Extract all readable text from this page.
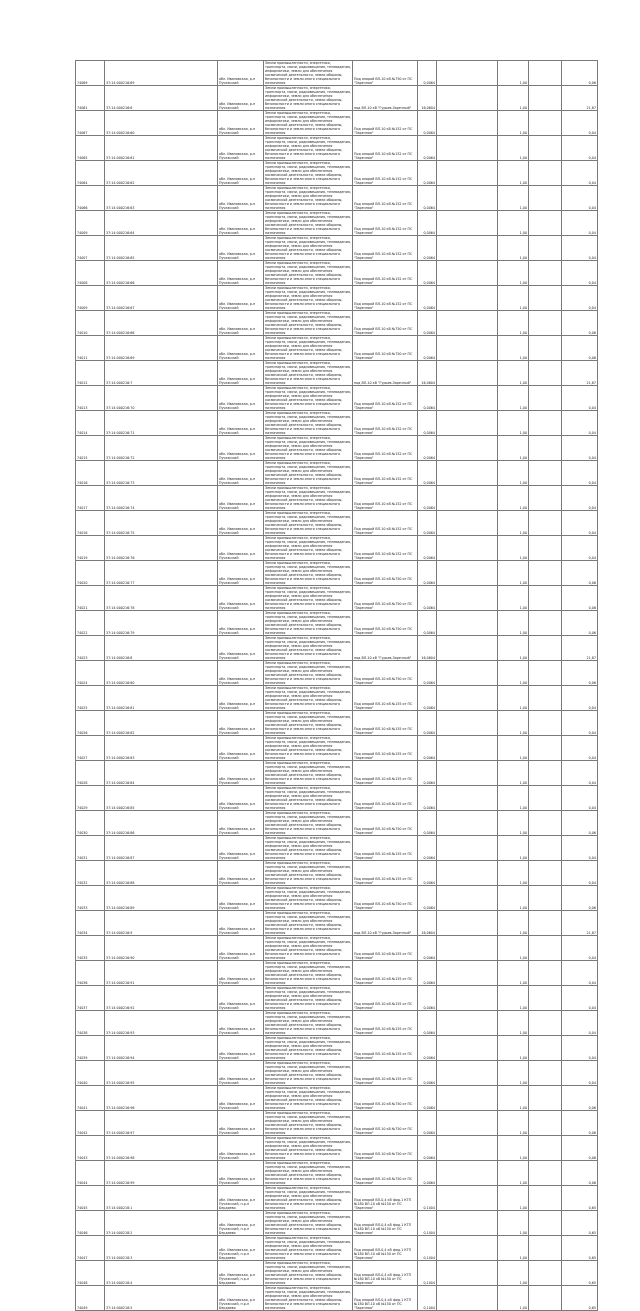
74069	37:14:000216:69	обл. Ивановская, р-н Пучежский	Земли промышленности, энергетики, транспорта, связи, радиовещания, телевидения, информатики, земли для обеспечения космической деятельности, земли обороны, безопасности и земли иного специального назначения	Под опорой ВЛ-10 кВ №750 от ПС "Заречная"	0,0064		1,00		0,06
74061	37:14:000216:6	обл. Ивановская, р-н Пучежский	Земли промышленности, энергетики, транспорта, связи, радиовещания, телевидения, информатики, земли для обеспечения космической деятельности, земли обороны, безопасности и земли иного специального назначения	под ВЛ-10 кВ "Гурьев-Заречный"	16,0604		1,00		21,87
74067	37:14:000216:60	обл. Ивановская, р-н Пучежский	Земли промышленности, энергетики, транспорта, связи, радиовещания, телевидения, информатики, земли для обеспечения космической деятельности, земли обороны, безопасности и земли иного специального назначения	Под опорой ВЛ-10 кВ №152 от ПС "Заречная"	0,0064		1,00		0,04
74065	37:14:000216:61	обл. Ивановская, р-н Пучежский	Земли промышленности, энергетики, транспорта, связи, радиовещания, телевидения, информатики, земли для обеспечения космической деятельности, земли обороны, безопасности и земли иного специального назначения	Под опорой ВЛ-10 кВ №152 от ПС "Заречная"	0,0064		1,00		0,04
74064	37:14:000216:62	обл. Ивановская, р-н Пучежский	Земли промышленности, энергетики, транспорта, связи, радиовещания, телевидения, информатики, земли для обеспечения космической деятельности, земли обороны, безопасности и земли иного специального назначения	Под опорой ВЛ-10 кВ №152 от ПС "Заречная"	0,0064		1,00		0,04
74066	37:14:000216:63	обл. Ивановская, р-н Пучежский	Земли промышленности, энергетики, транспорта, связи, радиовещания, телевидения, информатики, земли для обеспечения космической деятельности, земли обороны, безопасности и земли иного специального назначения	Под опорой ВЛ-10 кВ №152 от ПС "Заречная"	0,0064		1,00		0,04
74009	37:14:000216:64	обл. Ивановская, р-н Пучежский	Земли промышленности, энергетики, транспорта, связи, радиовещания, телевидения, информатики, земли для обеспечения космической деятельности, земли обороны, безопасности и земли иного специального назначения	Под опорой ВЛ-10 кВ №152 от ПС "Заречная"	0,0064		1,00		0,04
74007	37:14:000216:65	обл. Ивановская, р-н Пучежский	Земли промышленности, энергетики, транспорта, связи, радиовещания, телевидения, информатики, земли для обеспечения космической деятельности, земли обороны, безопасности и земли иного специального назначения	Под опорой ВЛ-10 кВ №152 от ПС "Заречная"	0,0064		1,00		0,04
74008	37:14:000216:66	обл. Ивановская, р-н Пучежский	Земли промышленности, энергетики, транспорта, связи, радиовещания, телевидения, информатики, земли для обеспечения космической деятельности, земли обороны, безопасности и земли иного специального назначения	Под опорой ВЛ-10 кВ №152 от ПС "Заречная"	0,0064		1,00		0,04
74009	37:14:000216:67	обл. Ивановская, р-н Пучежский	Земли промышленности, энергетики, транспорта, связи, радиовещания, телевидения, информатики, земли для обеспечения космической деятельности, земли обороны, безопасности и земли иного специального назначения	Под опорой ВЛ-10 кВ №152 от ПС "Заречная"	0,0064		1,00		0,04
74010	37:14:000216:68	обл. Ивановская, р-н Пучежский	Земли промышленности, энергетики, транспорта, связи, радиовещания, телевидения, информатики, земли для обеспечения космической деятельности, земли обороны, безопасности и земли иного специального назначения	Под опорой ВЛ-10 кВ №750 от ПС "Заречная"	0,0064		1,00		0,06
74011	37:14:000216:69	обл. Ивановская, р-н Пучежский	Земли промышленности, энергетики, транспорта, связи, радиовещания, телевидения, информатики, земли для обеспечения космической деятельности, земли обороны, безопасности и земли иного специального назначения	Под опорой ВЛ-10 кВ №750 от ПС "Заречная"	0,0064		1,00		0,06
74012	37:14:000216:7	обл. Ивановская, р-н Пучежский	Земли промышленности, энергетики, транспорта, связи, радиовещания, телевидения, информатики, земли для обеспечения космической деятельности, земли обороны, безопасности и земли иного специального назначения	под ВЛ-10 кВ "Гурьев-Заречный"	16,0604		1,00		21,87
74013	37:14:000216:70	обл. Ивановская, р-н Пучежский	Земли промышленности, энергетики, транспорта, связи, радиовещания, телевидения, информатики, земли для обеспечения космической деятельности, земли обороны, безопасности и земли иного специального назначения	Под опорой ВЛ-10 кВ №152 от ПС "Заречная"	0,0064		1,00		0,04
74014	37:14:000216:71	обл. Ивановская, р-н Пучежский	Земли промышленности, энергетики, транспорта, связи, радиовещания, телевидения, информатики, земли для обеспечения космической деятельности, земли обороны, безопасности и земли иного специального назначения	Под опорой ВЛ-10 кВ №152 от ПС "Заречная"	0,0064		1,00		0,04
74015	37:14:000216:72	обл. Ивановская, р-н Пучежский	Земли промышленности, энергетики, транспорта, связи, радиовещания, телевидения, информатики, земли для обеспечения космической деятельности, земли обороны, безопасности и земли иного специального назначения	Под опорой ВЛ-10 кВ №152 от ПС "Заречная"	0,0064		1,00		0,04
74016	37:14:000216:73	обл. Ивановская, р-н Пучежский	Земли промышленности, энергетики, транспорта, связи, радиовещания, телевидения, информатики, земли для обеспечения космической деятельности, земли обороны, безопасности и земли иного специального назначения	Под опорой ВЛ-10 кВ №152 от ПС "Заречная"	0,0064		1,00		0,04
74017	37:14:000216:74	обл. Ивановская, р-н Пучежский	Земли промышленности, энергетики, транспорта, связи, радиовещания, телевидения, информатики, земли для обеспечения космической деятельности, земли обороны, безопасности и земли иного специального назначения	Под опорой ВЛ-10 кВ №152 от ПС "Заречная"	0,0064		1,00		0,04
74018	37:14:000216:75	обл. Ивановская, р-н Пучежский	Земли промышленности, энергетики, транспорта, связи, радиовещания, телевидения, информатики, земли для обеспечения космической деятельности, земли обороны, безопасности и земли иного специального назначения	Под опорой ВЛ-10 кВ №152 от ПС "Заречная"	0,0064		1,00		0,04
74019	37:14:000216:76	обл. Ивановская, р-н Пучежский	Земли промышленности, энергетики, транспорта, связи, радиовещания, телевидения, информатики, земли для обеспечения космической деятельности, земли обороны, безопасности и земли иного специального назначения	Под опорой ВЛ-10 кВ №152 от ПС "Заречная"	0,0064		1,00		0,04
74020	37:14:000216:77	обл. Ивановская, р-н Пучежский	Земли промышленности, энергетики, транспорта, связи, радиовещания, телевидения, информатики, земли для обеспечения космической деятельности, земли обороны, безопасности и земли иного специального назначения	Под опорой ВЛ-10 кВ №750 от ПС "Заречная"	0,0064		1,00		0,06
74021	37:14:000216:78	обл. Ивановская, р-н Пучежский	Земли промышленности, энергетики, транспорта, связи, радиовещания, телевидения, информатики, земли для обеспечения космической деятельности, земли обороны, безопасности и земли иного специального назначения	Под опорой ВЛ-10 кВ №750 от ПС "Заречная"	0,0064		1,00		0,06
74022	37:14:000216:79	обл. Ивановская, р-н Пучежский	Земли промышленности, энергетики, транспорта, связи, радиовещания, телевидения, информатики, земли для обеспечения космической деятельности, земли обороны, безопасности и земли иного специального назначения	Под опорой ВЛ-10 кВ №750 от ПС "Заречная"	0,0064		1,00		0,06
74023	37:14:000216:8	обл. Ивановская, р-н Пучежский	Земли промышленности, энергетики, транспорта, связи, радиовещания, телевидения, информатики, земли для обеспечения космической деятельности, земли обороны, безопасности и земли иного специального назначения	под ВЛ-10 кВ "Гурьев-Заречный"	16,0604		1,00		21,87
74024	37:14:000216:80	обл. Ивановская, р-н Пучежский	Земли промышленности, энергетики, транспорта, связи, радиовещания, телевидения, информатики, земли для обеспечения космической деятельности, земли обороны, безопасности и земли иного специального назначения	Под опорой ВЛ-10 кВ №750 от ПС "Заречная"	0,0064		1,00		0,06
74025	37:14:000216:81	обл. Ивановская, р-н Пучежский	Земли промышленности, энергетики, транспорта, связи, радиовещания, телевидения, информатики, земли для обеспечения космической деятельности, земли обороны, безопасности и земли иного специального назначения	Под опорой ВЛ-10 кВ №155 от ПС "Заречная"	0,0064		1,00		0,04
74026	37:14:000216:82	обл. Ивановская, р-н Пучежский	Земли промышленности, энергетики, транспорта, связи, радиовещания, телевидения, информатики, земли для обеспечения космической деятельности, земли обороны, безопасности и земли иного специального назначения	Под опорой ВЛ-10 кВ №155 от ПС "Заречная"	0,0064		1,00		0,04
74027	37:14:000216:83	обл. Ивановская, р-н Пучежский	Земли промышленности, энергетики, транспорта, связи, радиовещания, телевидения, информатики, земли для обеспечения космической деятельности, земли обороны, безопасности и земли иного специального назначения	Под опорой ВЛ-10 кВ №155 от ПС "Заречная"	0,0064		1,00		0,04
74028	37:14:000216:84	обл. Ивановская, р-н Пучежский	Земли промышленности, энергетики, транспорта, связи, радиовещания, телевидения, информатики, земли для обеспечения космической деятельности, земли обороны, безопасности и земли иного специального назначения	Под опорой ВЛ-10 кВ №155 от ПС "Заречная"	0,0064		1,00		0,04
74029	37:14:000216:85	обл. Ивановская, р-н Пучежский	Земли промышленности, энергетики, транспорта, связи, радиовещания, телевидения, информатики, земли для обеспечения космической деятельности, земли обороны, безопасности и земли иного специального назначения	Под опорой ВЛ-10 кВ №155 от ПС "Заречная"	0,0064		1,00		0,04
74030	37:14:000216:86	обл. Ивановская, р-н Пучежский	Земли промышленности, энергетики, транспорта, связи, радиовещания, телевидения, информатики, земли для обеспечения космической деятельности, земли обороны, безопасности и земли иного специального назначения	Под опорой ВЛ-10 кВ №750 от ПС "Заречная"	0,0064		1,00		0,06
74031	37:14:000216:87	обл. Ивановская, р-н Пучежский	Земли промышленности, энергетики, транспорта, связи, радиовещания, телевидения, информатики, земли для обеспечения космической деятельности, земли обороны, безопасности и земли иного специального назначения	Под опорой ВЛ-10 кВ №155 от ПС "Заречная"	0,0064		1,00		0,04
74032	37:14:000216:88	обл. Ивановская, р-н Пучежский	Земли промышленности, энергетики, транспорта, связи, радиовещания, телевидения, информатики, земли для обеспечения космической деятельности, земли обороны, безопасности и земли иного специального назначения	Под опорой ВЛ-10 кВ №155 от ПС "Заречная"	0,0064		1,00		0,04
74033	37:14:000216:89	обл. Ивановская, р-н Пучежский	Земли промышленности, энергетики, транспорта, связи, радиовещания, телевидения, информатики, земли для обеспечения космической деятельности, земли обороны, безопасности и земли иного специального назначения	Под опорой ВЛ-10 кВ №750 от ПС "Заречная"	0,0064		1,00		0,06
74034	37:14:000216:9	обл. Ивановская, р-н Пучежский	Земли промышленности, энергетики, транспорта, связи, радиовещания, телевидения, информатики, земли для обеспечения космической деятельности, земли обороны, безопасности и земли иного специального назначения	под ВЛ-10 кВ "Гурьев-Заречный"	16,0604		1,00		21,87
74035	37:14:000216:90	обл. Ивановская, р-н Пучежский	Земли промышленности, энергетики, транспорта, связи, радиовещания, телевидения, информатики, земли для обеспечения космической деятельности, земли обороны, безопасности и земли иного специального назначения	Под опорой ВЛ-10 кВ №155 от ПС "Заречная"	0,0064		1,00		0,04
74036	37:14:000216:91	обл. Ивановская, р-н Пучежский	Земли промышленности, энергетики, транспорта, связи, радиовещания, телевидения, информатики, земли для обеспечения космической деятельности, земли обороны, безопасности и земли иного специального назначения	Под опорой ВЛ-10 кВ №155 от ПС "Заречная"	0,0064		1,00		0,04
74037	37:14:000216:92	обл. Ивановская, р-н Пучежский	Земли промышленности, энергетики, транспорта, связи, радиовещания, телевидения, информатики, земли для обеспечения космической деятельности, земли обороны, безопасности и земли иного специального назначения	Под опорой ВЛ-10 кВ №155 от ПС "Заречная"	0,0064		1,00		0,04
74038	37:14:000216:93	обл. Ивановская, р-н Пучежский	Земли промышленности, энергетики, транспорта, связи, радиовещания, телевидения, информатики, земли для обеспечения космической деятельности, земли обороны, безопасности и земли иного специального назначения	Под опорой ВЛ-10 кВ №155 от ПС "Заречная"	0,0064		1,00		0,04
74039	37:14:000216:94	обл. Ивановская, р-н Пучежский	Земли промышленности, энергетики, транспорта, связи, радиовещания, телевидения, информатики, земли для обеспечения космической деятельности, земли обороны, безопасности и земли иного специального назначения	Под опорой ВЛ-10 кВ №155 от ПС "Заречная"	0,0064		1,00		0,04
74040	37:14:000216:95	обл. Ивановская, р-н Пучежский	Земли промышленности, энергетики, транспорта, связи, радиовещания, телевидения, информатики, земли для обеспечения космической деятельности, земли обороны, безопасности и земли иного специального назначения	Под опорой ВЛ-10 кВ №155 от ПС "Заречная"	0,0064		1,00		0,04
74041	37:14:000216:96	обл. Ивановская, р-н Пучежский	Земли промышленности, энергетики, транспорта, связи, радиовещания, телевидения, информатики, земли для обеспечения космической деятельности, земли обороны, безопасности и земли иного специального назначения	Под опорой ВЛ-10 кВ №750 от ПС "Заречная"	0,0064		1,00		0,06
74042	37:14:000216:97	обл. Ивановская, р-н Пучежский	Земли промышленности, энергетики, транспорта, связи, радиовещания, телевидения, информатики, земли для обеспечения космической деятельности, земли обороны, безопасности и земли иного специального назначения	Под опорой ВЛ-10 кВ №750 от ПС "Заречная"	0,0064		1,00		0,06
74043	37:14:000216:98	обл. Ивановская, р-н Пучежский	Земли промышленности, энергетики, транспорта, связи, радиовещания, телевидения, информатики, земли для обеспечения космической деятельности, земли обороны, безопасности и земли иного специального назначения	Под опорой ВЛ-10 кВ №750 от ПС "Заречная"	0,0064		1,00		0,06
74044	37:14:000216:99	обл. Ивановская, р-н Пучежский	Земли промышленности, энергетики, транспорта, связи, радиовещания, телевидения, информатики, земли для обеспечения космической деятельности, земли обороны, безопасности и земли иного специального назначения	Под опорой ВЛ-10 кВ №750 от ПС "Заречная"	0,0064		1,00		0,06
74045	37:14:000218:1	обл. Ивановская, р-н Пучежский, п.р-н Бердяево	Земли промышленности, энергетики, транспорта, связи, радиовещания, телевидения, информатики, земли для обеспечения космической деятельности, земли обороны, безопасности и земли иного специального назначения	Под опорой ВЛ-0,4 кВ фид.1 КТП №180 ВЛ-10 кВ №150 от ПС "Заречная"	0,1004		1,00		0,65
74046	37:14:000218:2	обл. Ивановская, р-н Пучежский, п.р-н Бердяево	Земли промышленности, энергетики, транспорта, связи, радиовещания, телевидения, информатики, земли для обеспечения космической деятельности, земли обороны, безопасности и земли иного специального назначения	Под опорой ВЛ-0,4 кВ фид.1 КТП №180 ВЛ-10 кВ №150 от ПС "Заречная"	0,1004		1,00		0,65
74047	37:14:000218:3	обл. Ивановская, р-н Пучежский, п.р-н Бердяево	Земли промышленности, энергетики, транспорта, связи, радиовещания, телевидения, информатики, земли для обеспечения космической деятельности, земли обороны, безопасности и земли иного специального назначения	Под опорой ВЛ-0,4 кВ фид.1 КТП №180 ВЛ-10 кВ №150 от ПС "Заречная"	0,1004		1,00		0,65
74048	37:14:000218:4	обл. Ивановская, р-н Пучежский, п.р-н Бердяево	Земли промышленности, энергетики, транспорта, связи, радиовещания, телевидения, информатики, земли для обеспечения космической деятельности, земли обороны, безопасности и земли иного специального назначения	Под опорой ВЛ-0,4 кВ фид.1 КТП №180 ВЛ-10 кВ №150 от ПС "Заречная"	0,1004		1,00		0,65
74049	37:14:000218:5	обл. Ивановская, р-н Пучежский, п.р-н Бердяево	Земли промышленности, энергетики, транспорта, связи, радиовещания, телевидения, информатики, земли для обеспечения космической деятельности, земли обороны, безопасности и земли иного специального назначения	Под опорой ВЛ-0,4 кВ фид.1 КТП №180 ВЛ-10 кВ №150 от ПС "Заречная"	0,1004		1,00		0,65
